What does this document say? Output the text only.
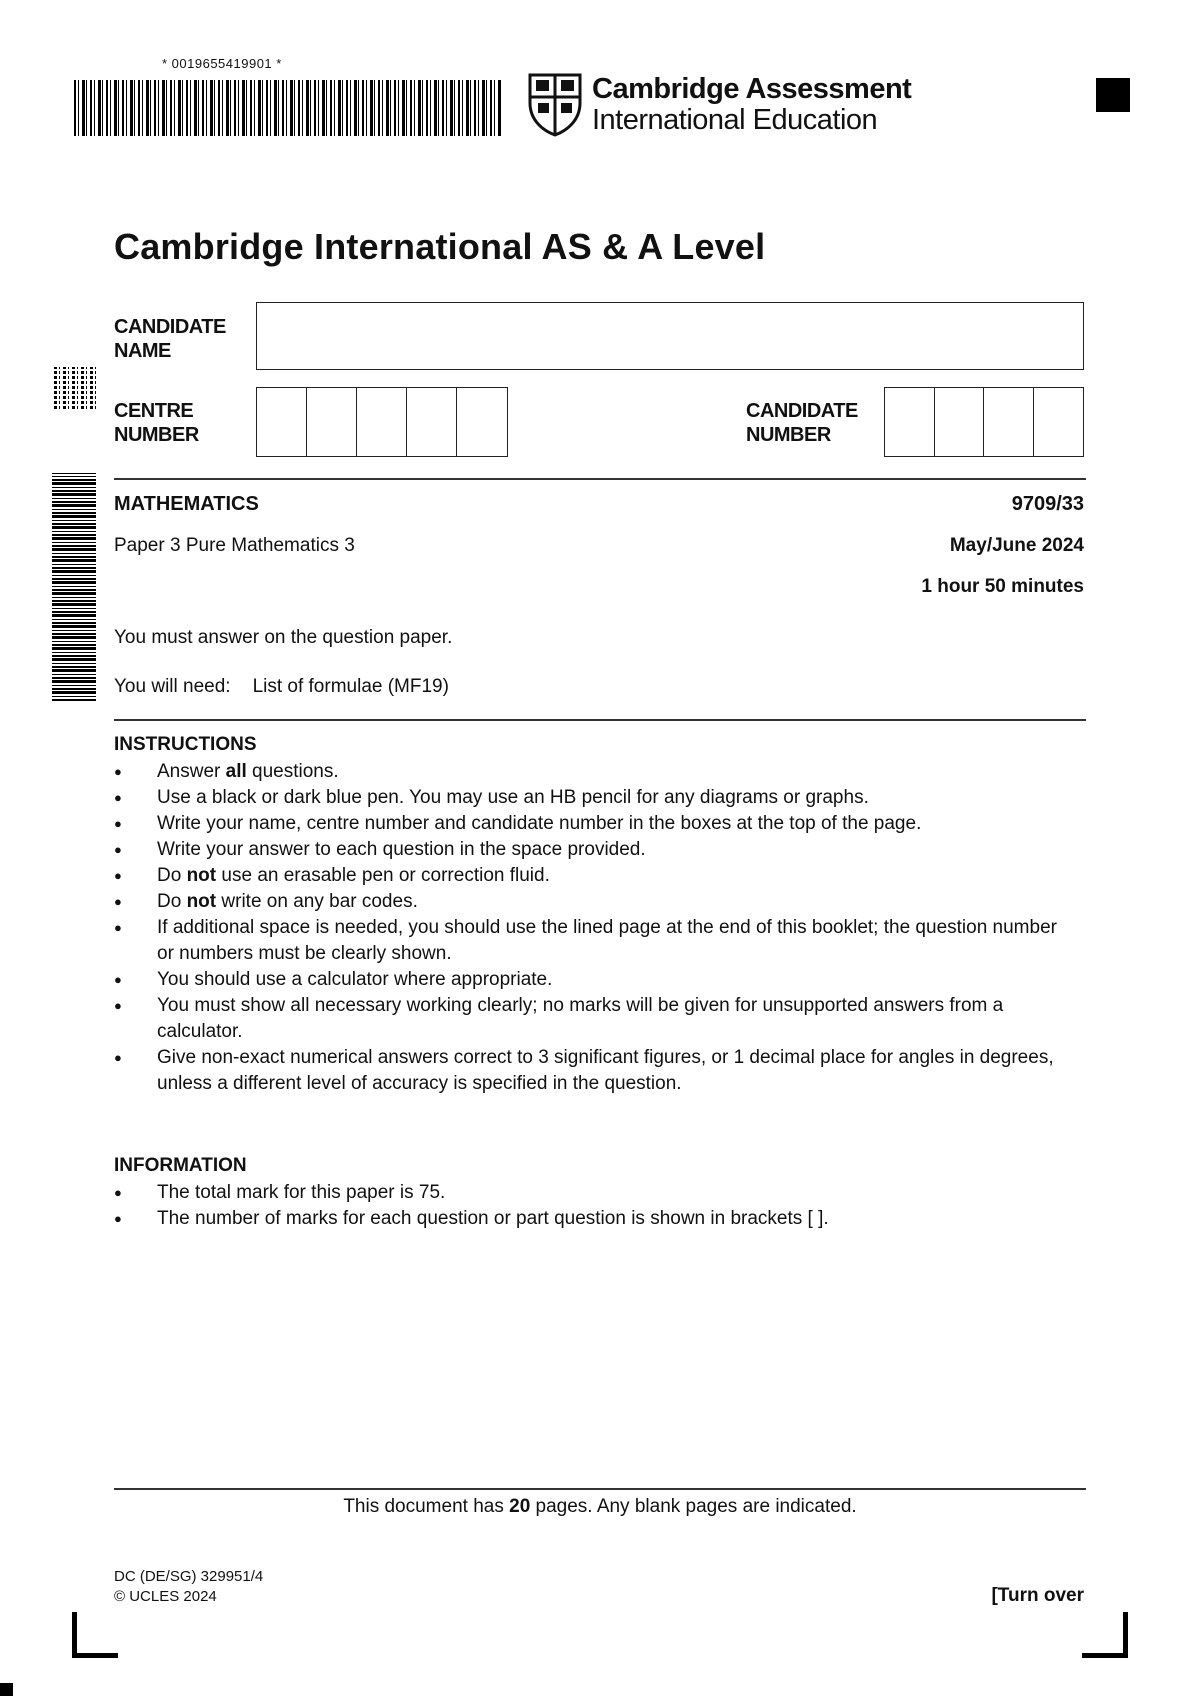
* 0019655419901 *
Cambridge Assessment
International Education
Cambridge International AS & A Level
CANDIDATE
NAME
CENTRE
NUMBER
CANDIDATE
NUMBER
MATHEMATICS	9709/33
Paper 3 Pure Mathematics 3	May/June 2024
1 hour 50 minutes
You must answer on the question paper.
You will need: List of formulae (MF19)
INSTRUCTIONS
● Answer all questions.
● Use a black or dark blue pen. You may use an HB pencil for any diagrams or graphs.
● Write your name, centre number and candidate number in the boxes at the top of the page.
● Write your answer to each question in the space provided.
● Do not use an erasable pen or correction fluid.
● Do not write on any bar codes.
● If additional space is needed, you should use the lined page at the end of this booklet; the question number or numbers must be clearly shown.
● You should use a calculator where appropriate.
● You must show all necessary working clearly; no marks will be given for unsupported answers from a calculator.
● Give non-exact numerical answers correct to 3 significant figures, or 1 decimal place for angles in degrees, unless a different level of accuracy is specified in the question.
INFORMATION
● The total mark for this paper is 75.
● The number of marks for each question or part question is shown in brackets [ ].
This document has 20 pages. Any blank pages are indicated.
DC (DE/SG) 329951/4
© UCLES 2024	[Turn over
